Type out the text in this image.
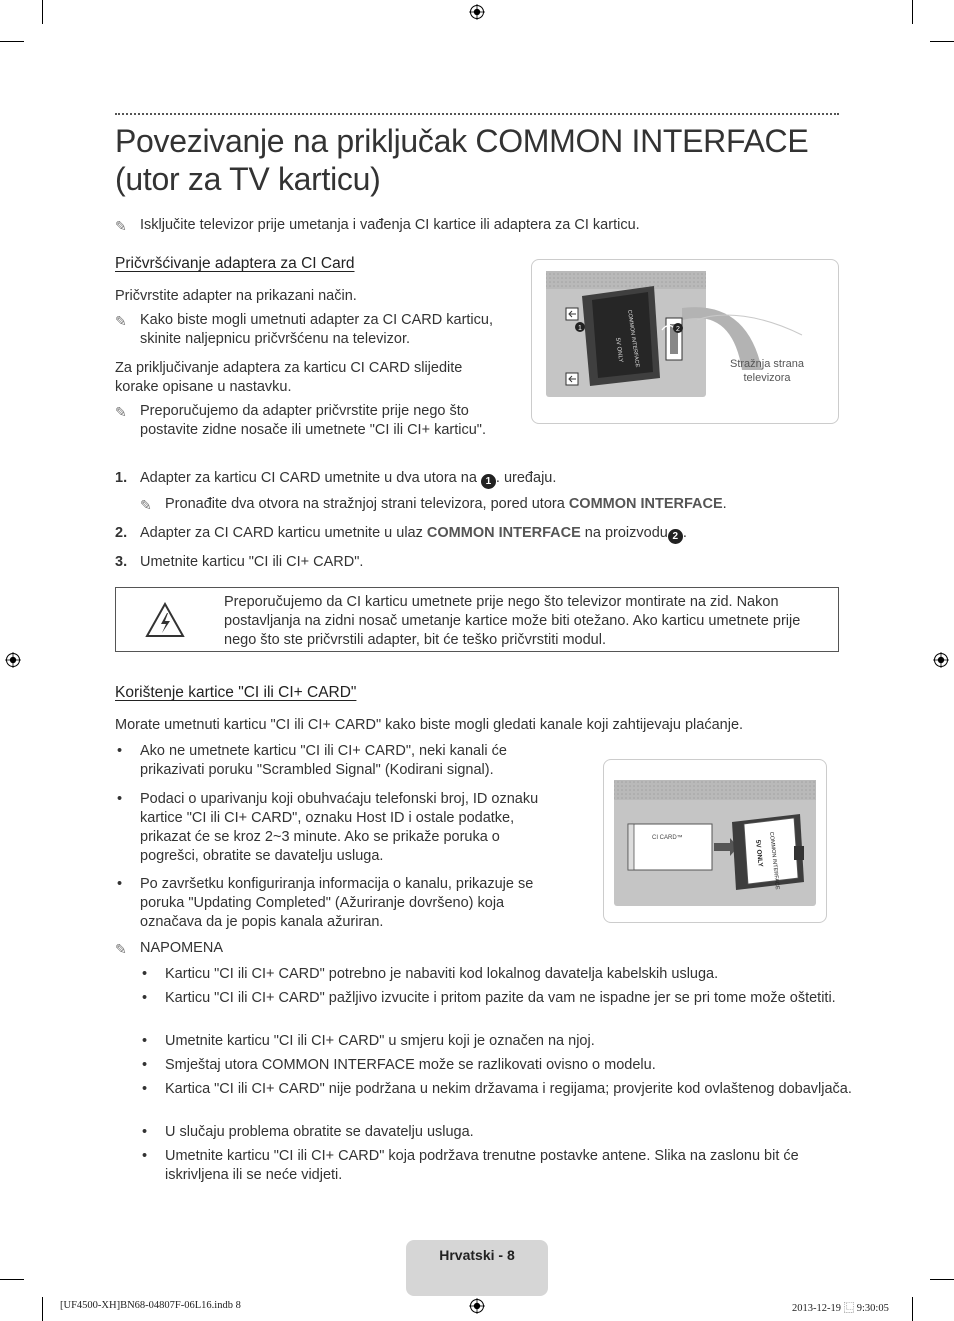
Povezivanje na priključak COMMON INTERFACE
(utor za TV karticu)
✎ Isključite televizor prije umetanja i vađenja CI kartice ili adaptera za CI karticu.
Pričvršćivanje adaptera za CI Card
Pričvrstite adapter na prikazani način.
✎ Kako biste mogli umetnuti adapter za CI CARD karticu, skinite naljepnicu pričvršćenu na televizor.
Za priključivanje adaptera za karticu CI CARD slijedite korake opisane u nastavku.
✎ Preporučujemo da adapter pričvrstite prije nego što postavite zidne nosače ili umetnete "CI ili CI+ karticu".
1	2
COMMON INTERFACE
5V ONLY
Stražnja strana televizora
1. Adapter za karticu CI CARD umetnite u dva utora na 1 . uređaju.
✎ Pronađite dva otvora na stražnjoj strani televizora, pored utora COMMON INTERFACE.
2. Adapter za CI CARD karticu umetnite u ulaz COMMON INTERFACE na proizvodu 2 .
3. Umetnite karticu "CI ili CI+ CARD".
Preporučujemo da CI karticu umetnete prije nego što televizor montirate na zid. Nakon postavljanja na zidni nosač umetanje kartice može biti otežano. Ako karticu umetnete prije nego što ste pričvrstili adapter, bit će teško pričvrstiti modul.
Korištenje kartice "CI ili CI+ CARD"
Morate umetnuti karticu "CI ili CI+ CARD" kako biste mogli gledati kanale koji zahtijevaju plaćanje.
• Ako ne umetnete karticu "CI ili CI+ CARD", neki kanali će prikazivati poruku "Scrambled Signal" (Kodirani signal).
• Podaci o uparivanju koji obuhvaćaju telefonski broj, ID oznaku kartice "CI ili CI+ CARD", oznaku Host ID i ostale podatke, prikazat će se kroz 2~3 minute. Ako se prikaže poruka o pogrešci, obratite se davatelju usluga.
• Po završetku konfiguriranja informacija o kanalu, prikazuje se poruka "Updating Completed" (Ažuriranje dovršeno) koja označava da je popis kanala ažuriran.
CI CARD™	COMMON INTERFACE
5V ONLY
✎ NAPOMENA
• Karticu "CI ili CI+ CARD" potrebno je nabaviti kod lokalnog davatelja kabelskih usluga.
• Karticu "CI ili CI+ CARD" pažljivo izvucite i pritom pazite da vam ne ispadne jer se pri tome može oštetiti.
• Umetnite karticu "CI ili CI+ CARD" u smjeru koji je označen na njoj.
• Smještaj utora COMMON INTERFACE može se razlikovati ovisno o modelu.
• Kartica "CI ili CI+ CARD" nije podržana u nekim državama i regijama; provjerite kod ovlaštenog dobavljača.
• U slučaju problema obratite se davatelju usluga.
• Umetnite karticu "CI ili CI+ CARD" koja podržava trenutne postavke antene. Slika na zaslonu bit će iskrivljena ili se neće vidjeti.
Hrvatski - 8
[UF4500-XH]BN68-04807F-06L16.indb 8	2013-12-19 ⿺ 9:30:05
